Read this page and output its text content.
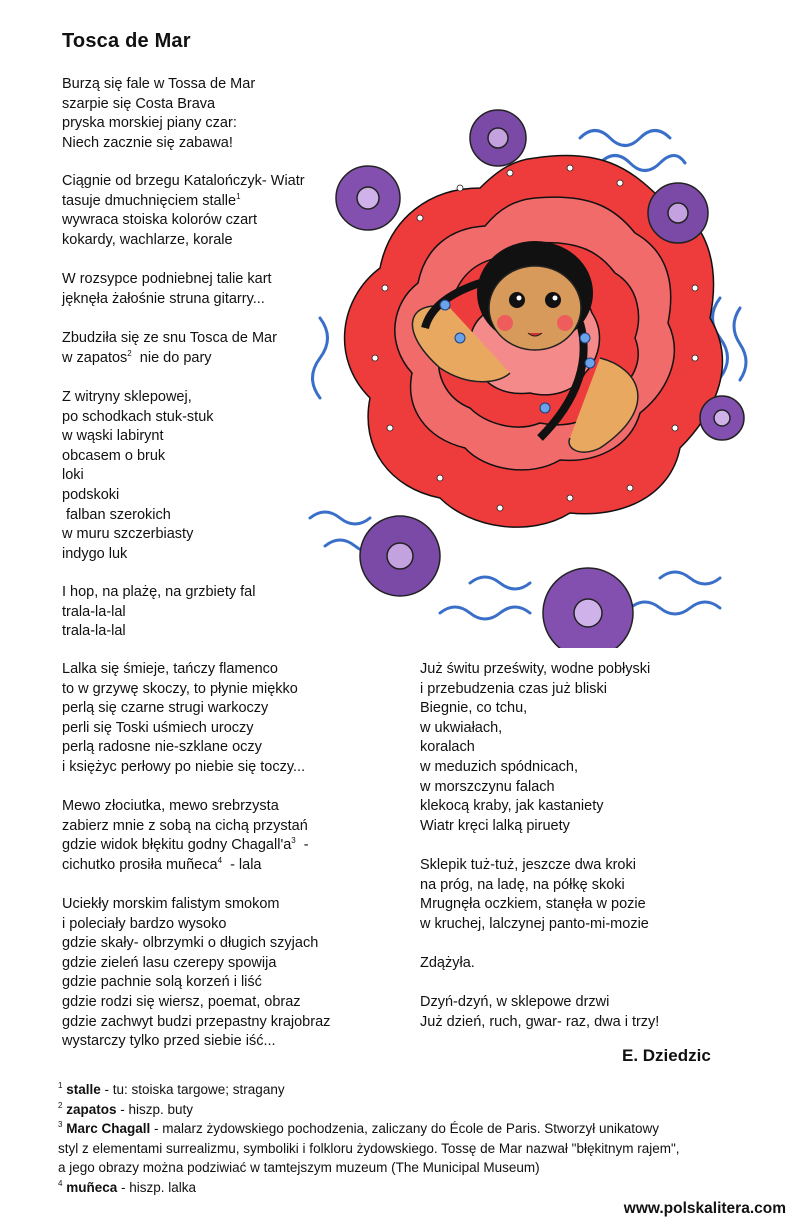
Tosca de Mar
Burzą się fale w Tossa de Mar
szarpie się Costa Brava
pryska morskiej piany czar:
Niech zacznie się zabawa!
Ciągnie od brzegu Katalończyk- Wiatr
tasuje dmuchnięciem stalle$^1$
wywraca stoiska kolorów czart
kokardy, wachlarze, korale
W rozsypce podniebnej talie kart
jęknęła żałośnie struna gitarry...
Zbudziła się ze snu Tosca de Mar
w zapatos$^2$  nie do pary
Z witryny sklepowej,
po schodkach stuk-stuk
w wąski labirynt
obcasem o bruk
loki
podskoki
falban szerokich
w muru szczerbiasty
indygo luk
I hop, na plażę, na grzbiety fal
trala-la-lal
trala-la-lal
Lalka się śmieje, tańczy flamenco
to w grzywę skoczy, to płynie miękko
perlą się czarne strugi warkoczy
perli się Toski uśmiech uroczy
perlą radosne nie-szklane oczy
i księżyc perłowy po niebie się toczy...
Mewo złociutka, mewo srebrzysta
zabierz mnie z sobą na cichą przystań
gdzie widok błękitu godny $Chagall'a^3$  -
cichutko prosiła muñeca$^4$  - lala
Uciekły morskim falistym smokom
i poleciały bardzo wysoko
gdzie skały- olbrzymki o długich szyjach
gdzie zieleń lasu czerepy spowija
gdzie pachnie solą korzeń i liść
gdzie rodzi się wiersz, poemat, obraz
gdzie zachwyt budzi przepastny krajobraz
wystarczy tylko przed siebie iść...
Już świtu prześwity, wodne pobłyski
i przebudzenia czas już bliski
Biegnie, co tchu,
w ukwiałach,
koralach
w meduzich spódnicach,
w morszczynu falach
klekocą kraby, jak kastaniety
Wiatr kręci lalką piruety
Sklepik tuż-tuż, jeszcze dwa kroki
na próg, na ladę, na półkę skoki
Mrugnęła oczkiem, stanęła w pozie
w kruchej, lalczynej panto-mi-mozie
Zdążyła.
Dzyń-dzyń, w sklepowe drzwi
Już dzień, ruch, gwar- raz, dwa i trzy!
E. Dziedzic
$^1$ stalle - tu: stoiska targowe; stragany
$^2$ zapatos - hiszp. buty
$^3$ Marc Chagall - malarz żydowskiego pochodzenia, zaliczany do École de Paris. Stworzył unikatowy
styl z elementami surrealizmu, symboliki i folkloru żydowskiego. Tossę de Mar nazwał "błękitnym rajem",
a jego obrazy można podziwiać w tamtejszym muzeum (The Municipal Museum)
$^4$ muñeca - hiszp. lalka
www.polskalitera.com
